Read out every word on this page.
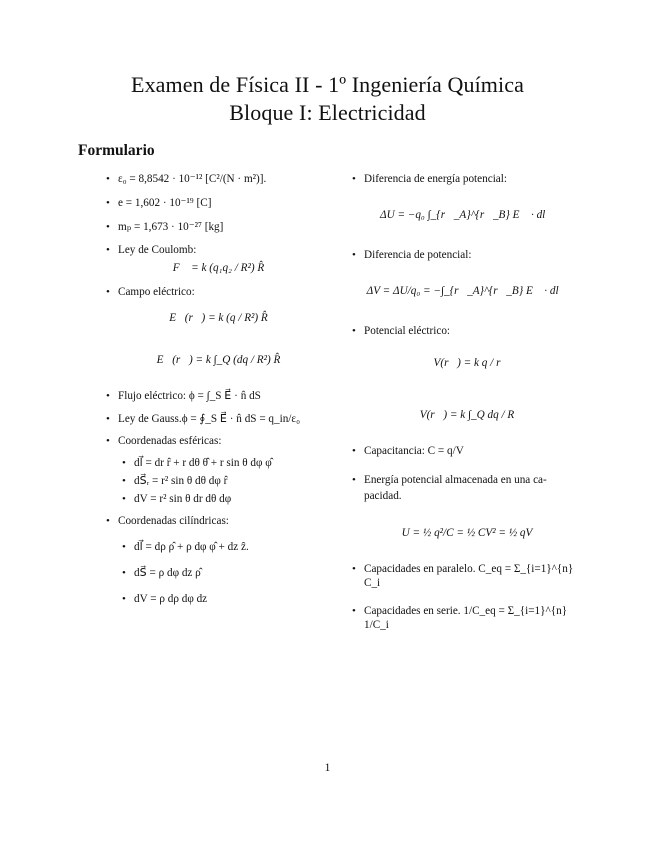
Examen de Física II - 1º Ingeniería Química
Bloque I: Electricidad
Formulario
• ε₀ = 8,8542 · 10⁻¹² [C²/(N · m²)].
• e = 1,602 · 10⁻¹⁹ [C]
• mₚ = 1,673 · 10⁻²⁷ [kg]
• Ley de Coulomb:
F⃗ = k (q₁q₂ / R²) R̂
• Campo eléctrico:
E⃗(r⃗) = k (q / R²) R̂
E⃗(r⃗) = k ∫_Q (dq / R²) R̂
• Flujo eléctrico: ϕ = ∫_S E⃗ · n̂ dS
• Ley de Gauss.ϕ = ∮_S E⃗ · n̂ dS = q_in/ε₀
• Coordenadas esféricas:
• dl⃗ = dr r̂ + r dθ θ̂ + r sin θ dφ φ̂
• dS⃗ᵣ = r² sin θ dθ dφ r̂
• dV = r² sin θ dr dθ dφ
• Coordenadas cilíndricas:
• dl⃗ = dρ ρ̂ + ρ dφ φ̂ + dz ẑ.
• dS⃗ = ρ dφ dz ρ̂
• dV = ρ dρ dφ dz
• Diferencia de energía potencial:
ΔU = −q₀ ∫_{r⃗_A}^{r⃗_B} E⃗ · dl⃗
• Diferencia de potencial:
ΔV = ΔU/q₀ = −∫_{r⃗_A}^{r⃗_B} E⃗ · dl⃗
• Potencial eléctrico:
V(r⃗) = k q / r
V(r⃗) = k ∫_Q dq / R
• Capacitancia: C = q/V
• Energía potencial almacenada en una ca-pacidad.
U = ½ q²/C = ½ CV² = ½ qV
• Capacidades en paralelo. C_eq = Σ_{i=1}^{n} C_i
• Capacidades en serie. 1/C_eq = Σ_{i=1}^{n} 1/C_i
1
